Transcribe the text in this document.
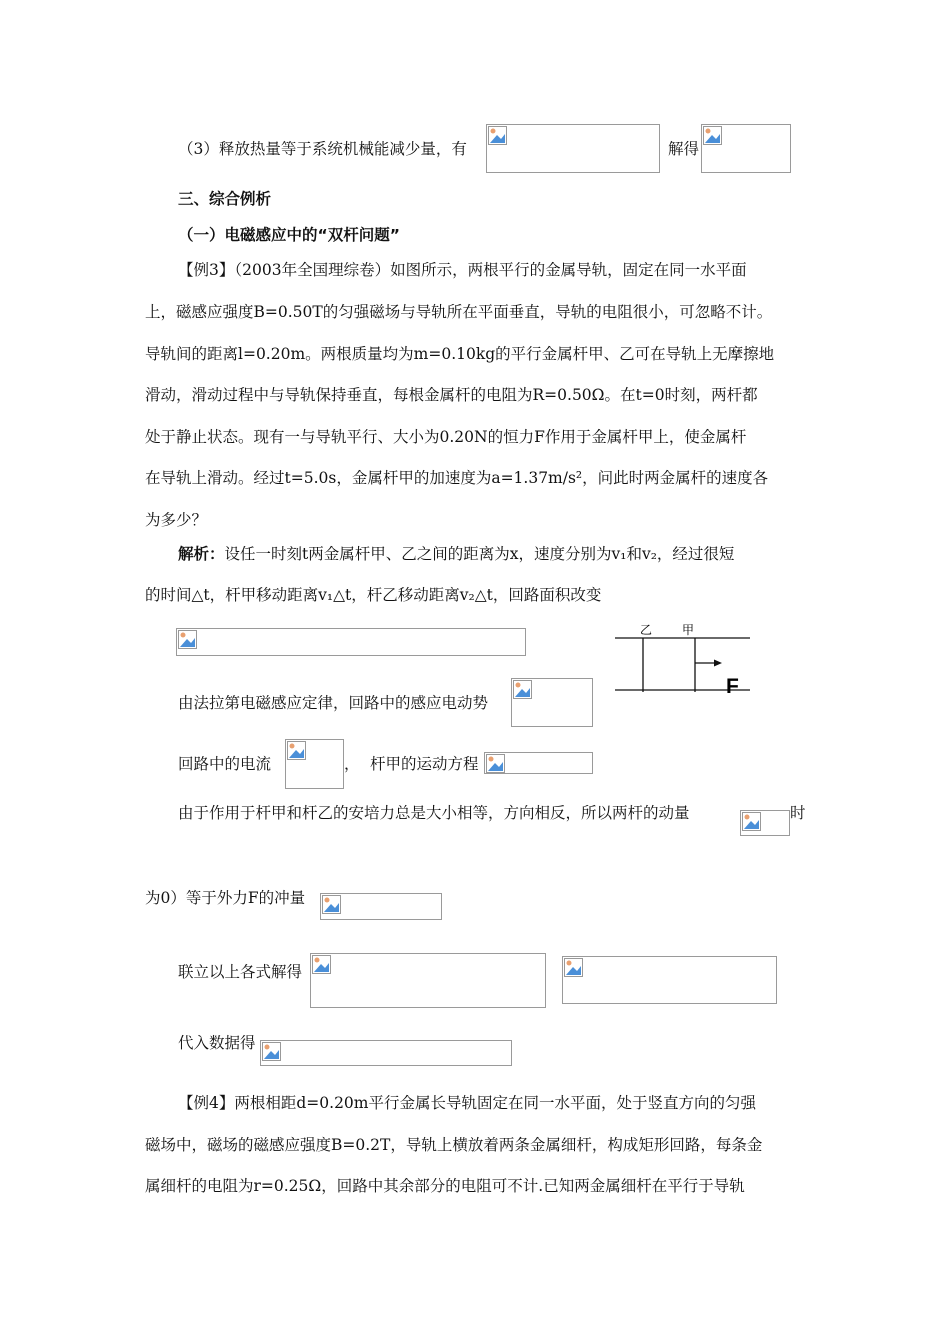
（3）释放热量等于系统机械能减少量，有	解得
三、综合例析
（一）电磁感应中的“双杆问题”
【例3】（2003年全国理综卷）如图所示，两根平行的金属导轨，固定在同一水平面
上，磁感应强度B=0.50T的匀强磁场与导轨所在平面垂直，导轨的电阻很小，可忽略不计。
导轨间的距离l=0.20m。两根质量均为m=0.10kg的平行金属杆甲、乙可在导轨上无摩擦地
滑动，滑动过程中与导轨保持垂直，每根金属杆的电阻为R=0.50Ω。在t=0时刻，两杆都
处于静止状态。现有一与导轨平行、大小为0.20N的恒力F作用于金属杆甲上，使金属杆
在导轨上滑动。经过t=5.0s，金属杆甲的加速度为a=1.37m/s²，问此时两金属杆的速度各
为多少？
解析：设任一时刻t两金属杆甲、乙之间的距离为x，速度分别为v₁和v₂，经过很短
的时间△t，杆甲移动距离v₁△t，杆乙移动距离v₂△t，回路面积改变
乙 甲
F
由法拉第电磁感应定律，回路中的感应电动势
回路中的电流	， 杆甲的运动方程
由于作用于杆甲和杆乙的安培力总是大小相等，方向相反，所以两杆的动量	时
为0）等于外力F的冲量
联立以上各式解得
代入数据得
【例4】两根相距d=0.20m平行金属长导轨固定在同一水平面，处于竖直方向的匀强
磁场中，磁场的磁感应强度B=0.2T，导轨上横放着两条金属细杆，构成矩形回路，每条金
属细杆的电阻为r=0.25Ω，回路中其余部分的电阻可不计.已知两金属细杆在平行于导轨
